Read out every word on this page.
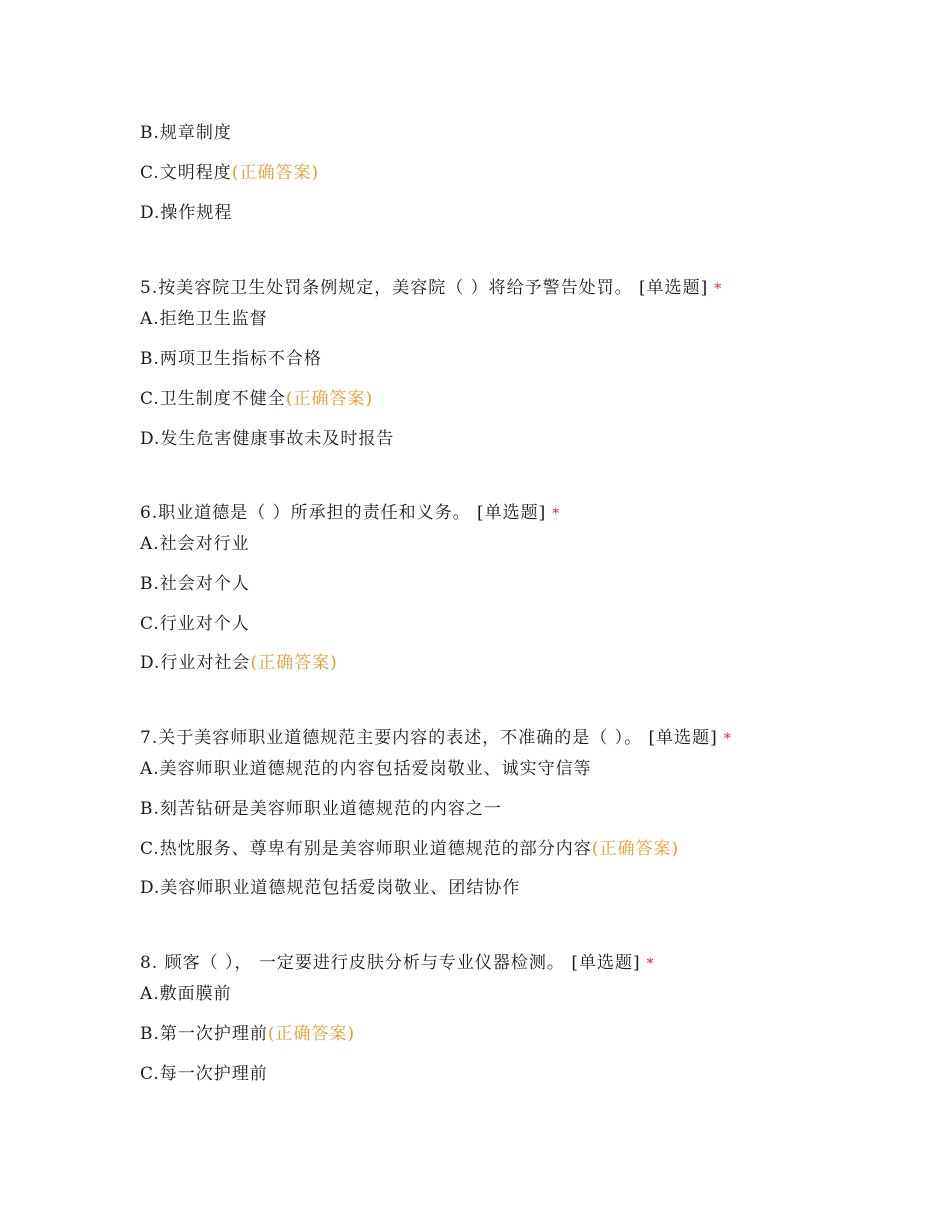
B.规章制度
C.文明程度(正确答案)
D.操作规程
5.按美容院卫生处罚条例规定，美容院（ ）将给予警告处罚。 [单选题] *
A.拒绝卫生监督
B.两项卫生指标不合格
C.卫生制度不健全(正确答案)
D.发生危害健康事故未及时报告
6.职业道德是（ ）所承担的责任和义务。 [单选题] *
A.社会对行业
B.社会对个人
C.行业对个人
D.行业对社会(正确答案)
7.关于美容师职业道德规范主要内容的表述，不准确的是（ ）。 [单选题] *
A.美容师职业道德规范的内容包括爱岗敬业、诚实守信等
B.刻苦钻研是美容师职业道德规范的内容之一
C.热忱服务、尊卑有别是美容师职业道德规范的部分内容(正确答案)
D.美容师职业道德规范包括爱岗敬业、团结协作
8. 顾客（ ）， 一定要进行皮肤分析与专业仪器检测。 [单选题] *
A.敷面膜前
B.第一次护理前(正确答案)
C.每一次护理前
